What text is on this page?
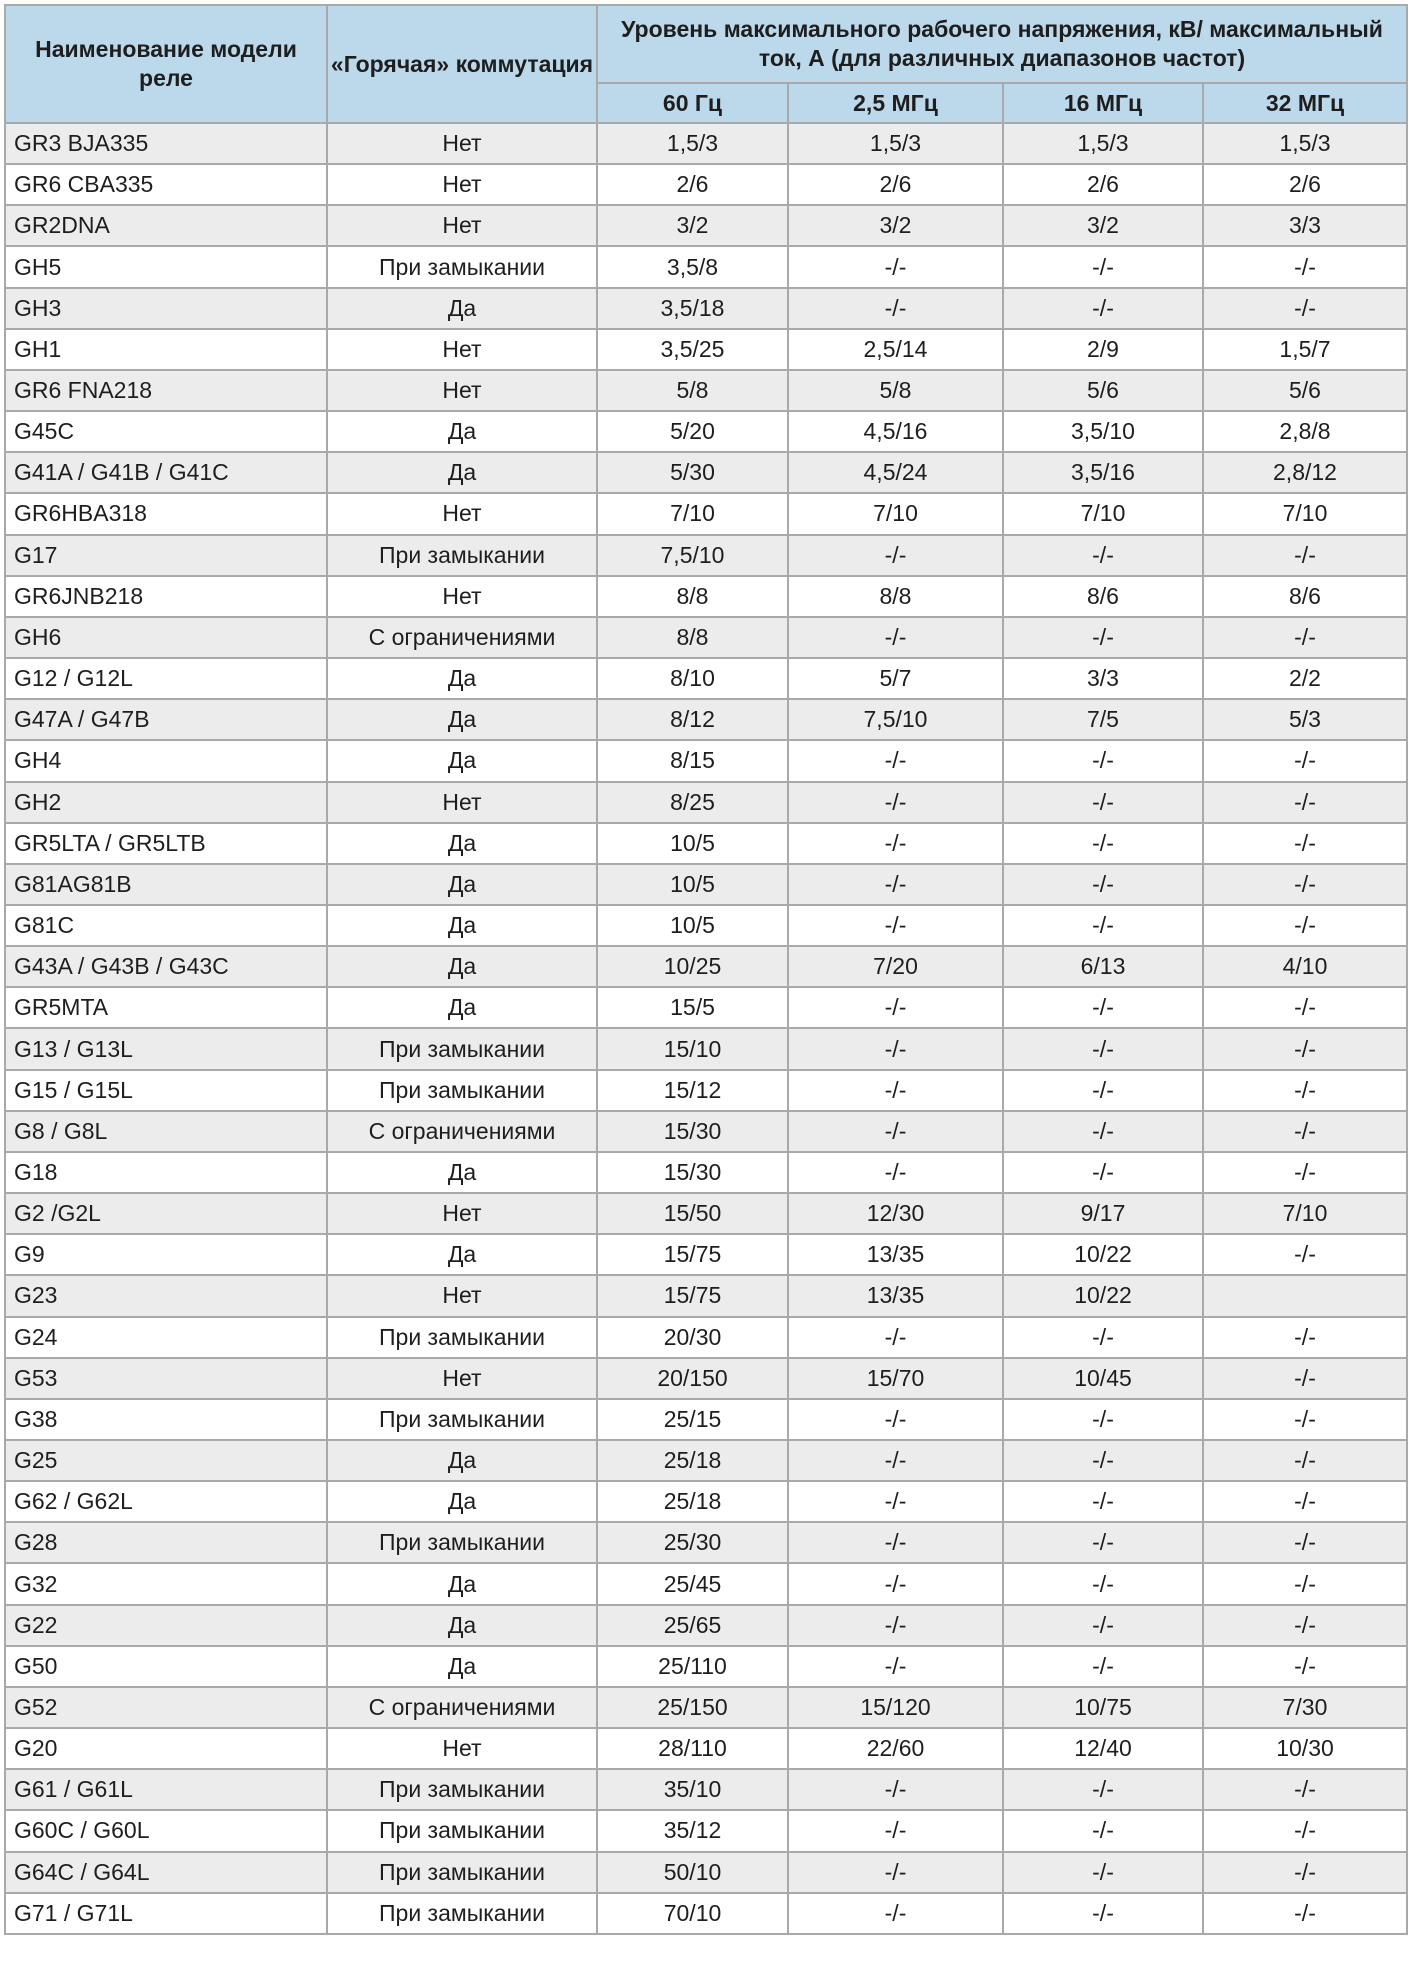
Наименование модели реле	«Горячая» коммутация	Уровень максимального рабочего напряжения, кВ/ максимальный ток, А (для различных диапазонов частот)			
		60 Гц	2,5 МГц	16 МГц	32 МГц
GR3 BJA335	Нет	1,5/3	1,5/3	1,5/3	1,5/3
GR6 CBA335	Нет	2/6	2/6	2/6	2/6
GR2DNA	Нет	3/2	3/2	3/2	3/3
GH5	При замыкании	3,5/8	-/-	-/-	-/-
GH3	Да	3,5/18	-/-	-/-	-/-
GH1	Нет	3,5/25	2,5/14	2/9	1,5/7
GR6 FNA218	Нет	5/8	5/8	5/6	5/6
G45C	Да	5/20	4,5/16	3,5/10	2,8/8
G41A / G41B / G41C	Да	5/30	4,5/24	3,5/16	2,8/12
GR6HBA318	Нет	7/10	7/10	7/10	7/10
G17	При замыкании	7,5/10	-/-	-/-	-/-
GR6JNB218	Нет	8/8	8/8	8/6	8/6
GH6	С ограничениями	8/8	-/-	-/-	-/-
G12 / G12L	Да	8/10	5/7	3/3	2/2
G47A / G47B	Да	8/12	7,5/10	7/5	5/3
GH4	Да	8/15	-/-	-/-	-/-
GH2	Нет	8/25	-/-	-/-	-/-
GR5LTA / GR5LTB	Да	10/5	-/-	-/-	-/-
G81AG81B	Да	10/5	-/-	-/-	-/-
G81C	Да	10/5	-/-	-/-	-/-
G43A / G43B / G43C	Да	10/25	7/20	6/13	4/10
GR5MTA	Да	15/5	-/-	-/-	-/-
G13 / G13L	При замыкании	15/10	-/-	-/-	-/-
G15 / G15L	При замыкании	15/12	-/-	-/-	-/-
G8 / G8L	С ограничениями	15/30	-/-	-/-	-/-
G18	Да	15/30	-/-	-/-	-/-
G2 /G2L	Нет	15/50	12/30	9/17	7/10
G9	Да	15/75	13/35	10/22	-/-
G23	Нет	15/75	13/35	10/22	
G24	При замыкании	20/30	-/-	-/-	-/-
G53	Нет	20/150	15/70	10/45	-/-
G38	При замыкании	25/15	-/-	-/-	-/-
G25	Да	25/18	-/-	-/-	-/-
G62 / G62L	Да	25/18	-/-	-/-	-/-
G28	При замыкании	25/30	-/-	-/-	-/-
G32	Да	25/45	-/-	-/-	-/-
G22	Да	25/65	-/-	-/-	-/-
G50	Да	25/110	-/-	-/-	-/-
G52	С ограничениями	25/150	15/120	10/75	7/30
G20	Нет	28/110	22/60	12/40	10/30
G61 / G61L	При замыкании	35/10	-/-	-/-	-/-
G60C / G60L	При замыкании	35/12	-/-	-/-	-/-
G64C / G64L	При замыкании	50/10	-/-	-/-	-/-
G71 / G71L	При замыкании	70/10	-/-	-/-	-/-
